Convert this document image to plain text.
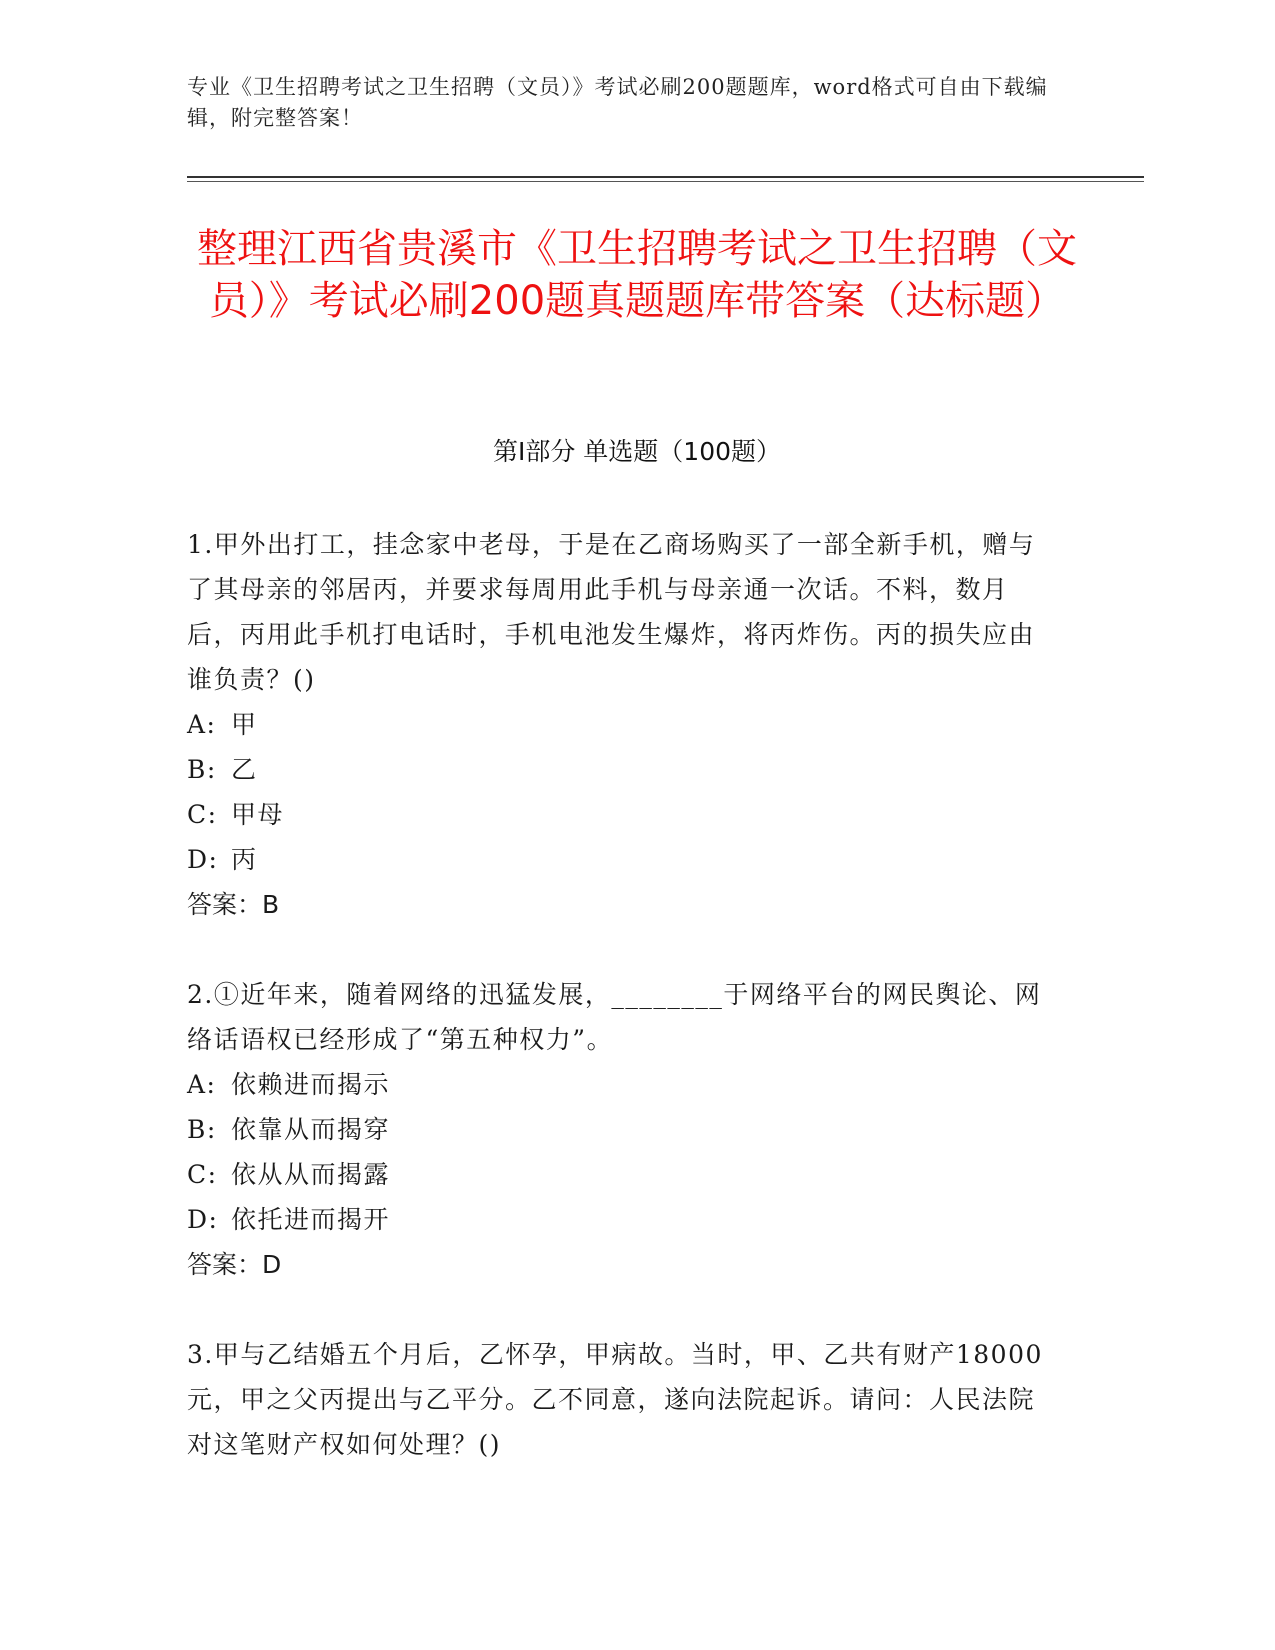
专业《卫生招聘考试之卫生招聘（文员）》考试必刷200题题库，word格式可自由下载编辑，附完整答案！
整理江西省贵溪市《卫生招聘考试之卫生招聘（文员）》考试必刷200题真题题库带答案（达标题）
第Ⅰ部分 单选题（100题）

1.甲外出打工，挂念家中老母，于是在乙商场购买了一部全新手机，赠与了其母亲的邻居丙，并要求每周用此手机与母亲通一次话。不料，数月后，丙用此手机打电话时，手机电池发生爆炸，将丙炸伤。丙的损失应由谁负责？()

A: 甲

B: 乙

C: 甲母

D: 丙

答案：B

2.①近年来，随着网络的迅猛发展，________于网络平台的网民舆论、网络话语权已经形成了“第五种权力”。

A: 依赖进而揭示

B: 依靠从而揭穿

C: 依从从而揭露

D: 依托进而揭开

答案：D

3.甲与乙结婚五个月后，乙怀孕，甲病故。当时，甲、乙共有财产18000元，甲之父丙提出与乙平分。乙不同意，遂向法院起诉。请问：人民法院对这笔财产权如何处理？()
